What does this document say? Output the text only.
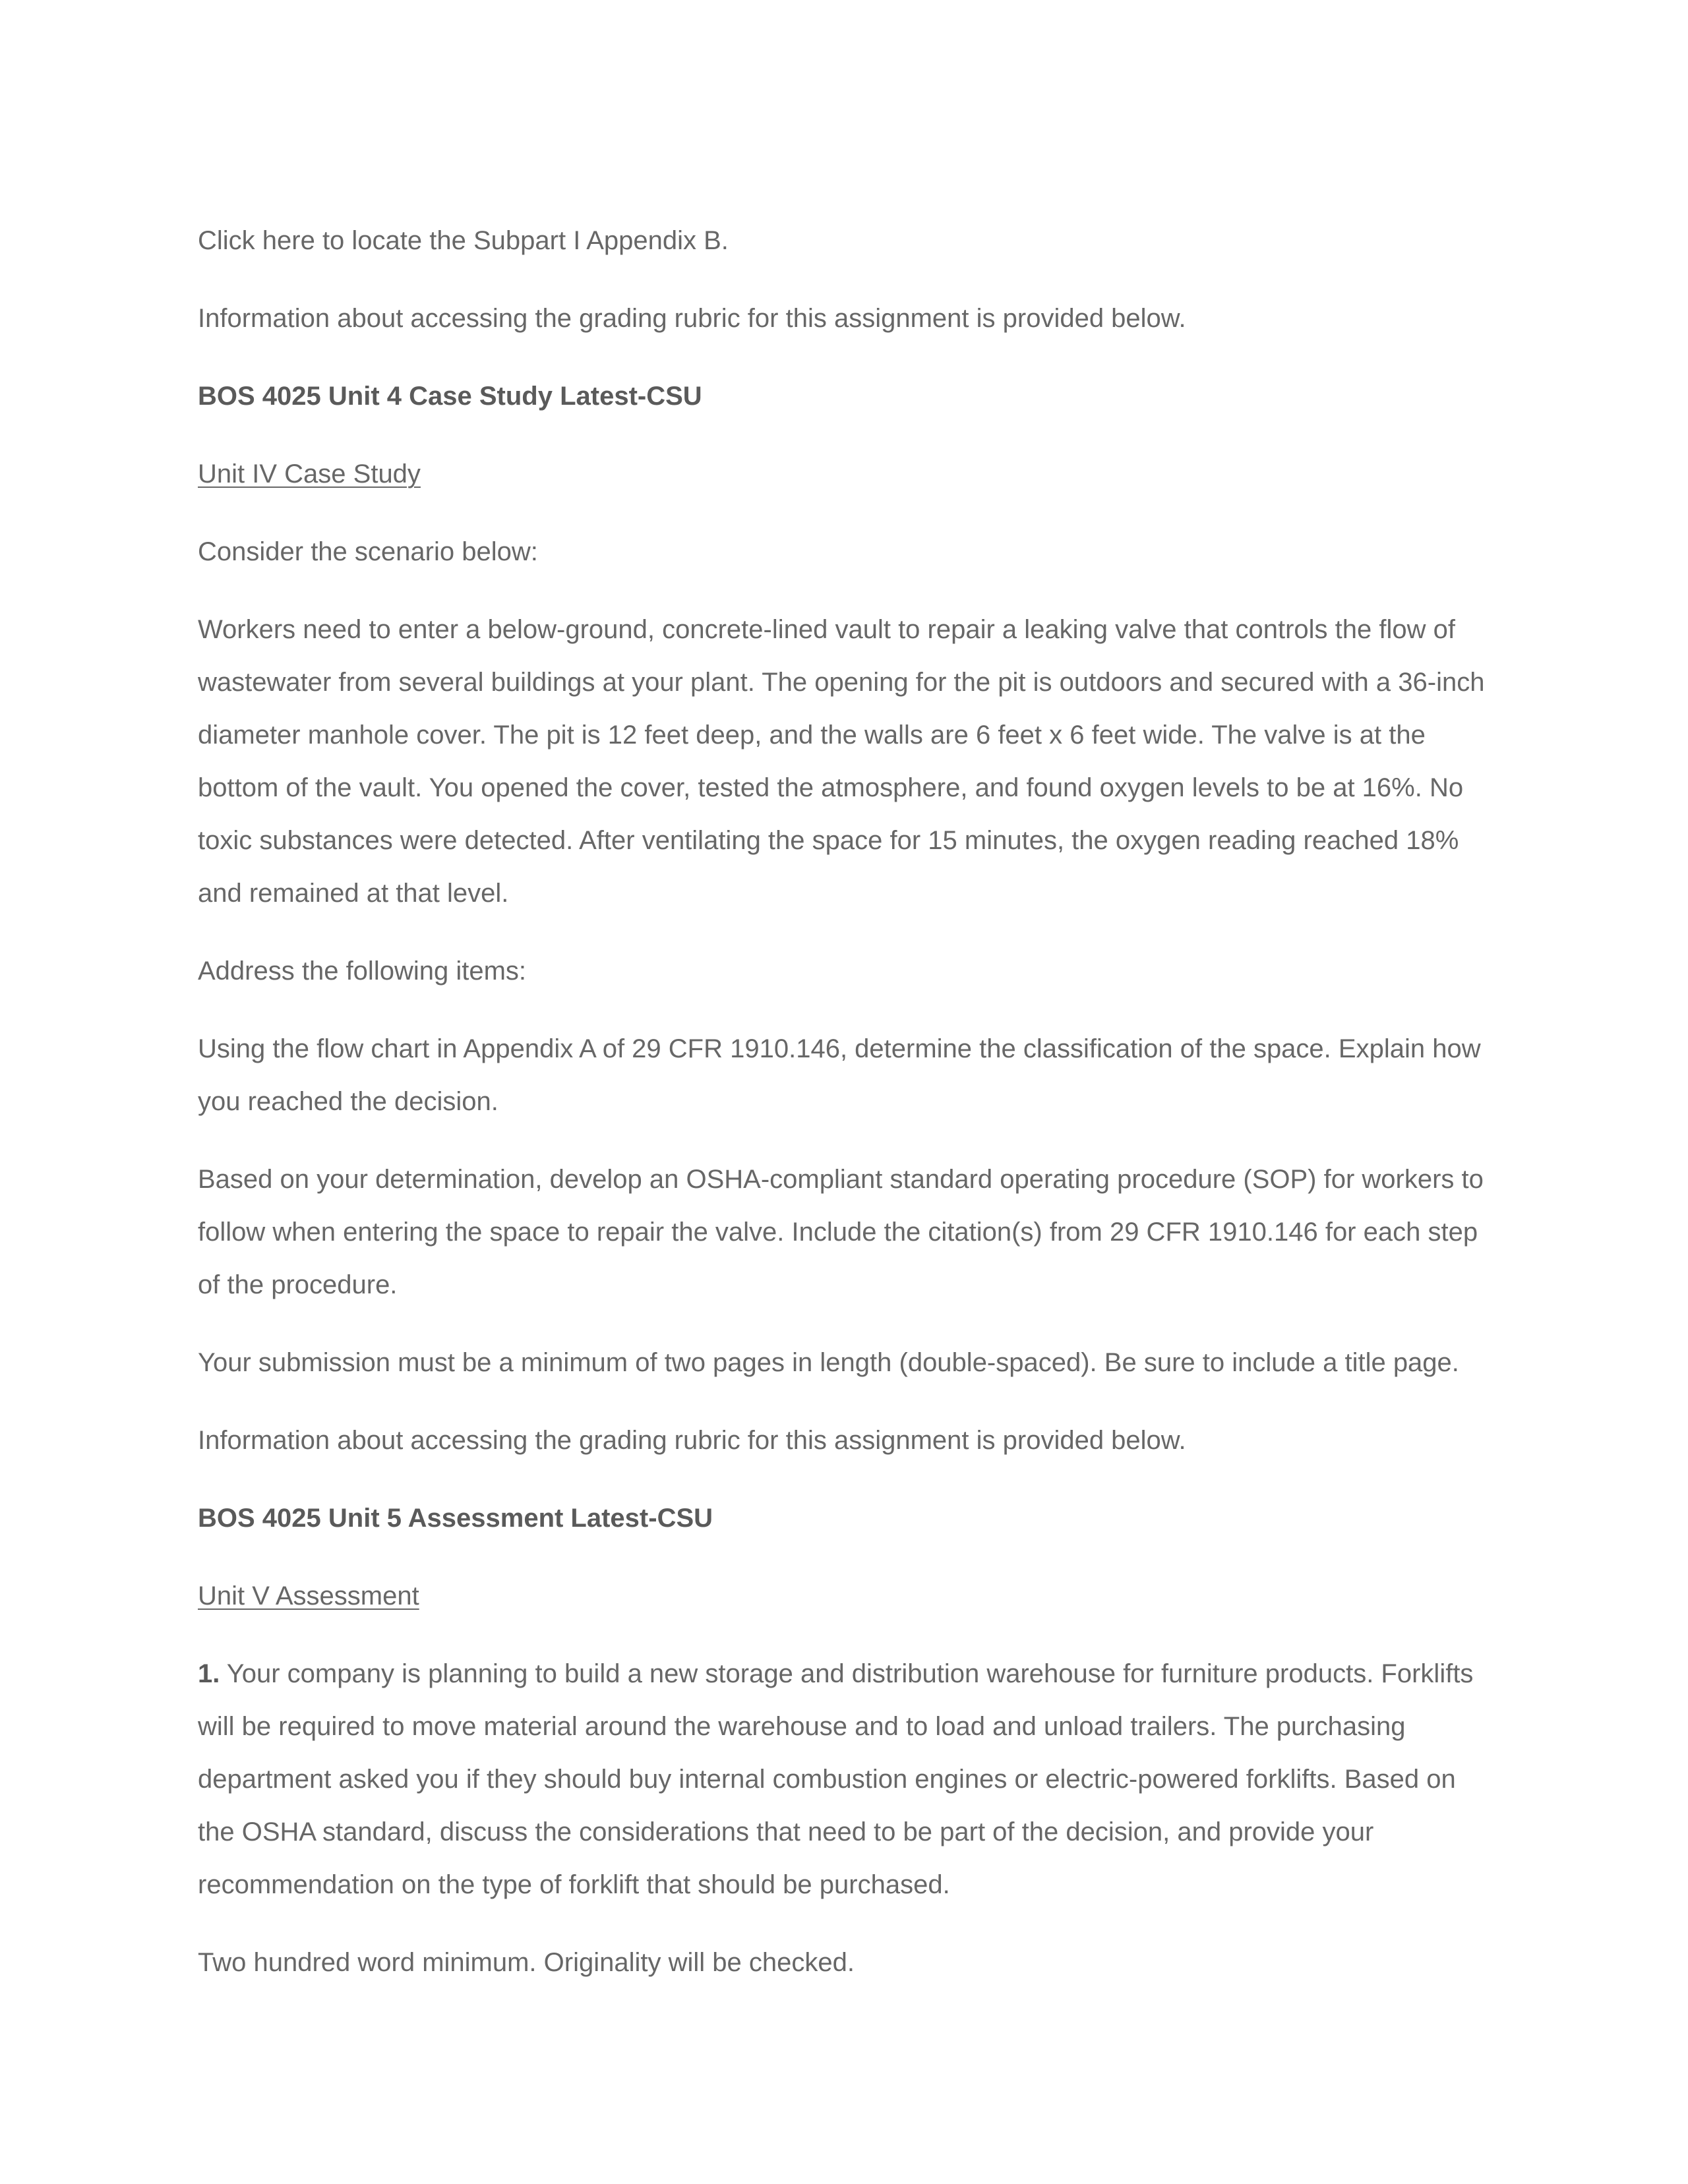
Click here to locate the Subpart I Appendix B.

Information about accessing the grading rubric for this assignment is provided below.

BOS 4025 Unit 4 Case Study Latest-CSU

Unit IV Case Study

Consider the scenario below:

Workers need to enter a below-ground, concrete-lined vault to repair a leaking valve that controls the flow of wastewater from several buildings at your plant. The opening for the pit is outdoors and secured with a 36-inch diameter manhole cover. The pit is 12 feet deep, and the walls are 6 feet x 6 feet wide. The valve is at the bottom of the vault. You opened the cover, tested the atmosphere, and found oxygen levels to be at 16%. No toxic substances were detected. After ventilating the space for 15 minutes, the oxygen reading reached 18% and remained at that level.

Address the following items:

Using the flow chart in Appendix A of 29 CFR 1910.146, determine the classification of the space. Explain how you reached the decision.

Based on your determination, develop an OSHA-compliant standard operating procedure (SOP) for workers to follow when entering the space to repair the valve. Include the citation(s) from 29 CFR 1910.146 for each step of the procedure.

Your submission must be a minimum of two pages in length (double-spaced). Be sure to include a title page.

Information about accessing the grading rubric for this assignment is provided below.

BOS 4025 Unit 5 Assessment Latest-CSU

Unit V Assessment

1. Your company is planning to build a new storage and distribution warehouse for furniture products. Forklifts will be required to move material around the warehouse and to load and unload trailers. The purchasing department asked you if they should buy internal combustion engines or electric-powered forklifts. Based on the OSHA standard, discuss the considerations that need to be part of the decision, and provide your recommendation on the type of forklift that should be purchased.

Two hundred word minimum. Originality will be checked.
